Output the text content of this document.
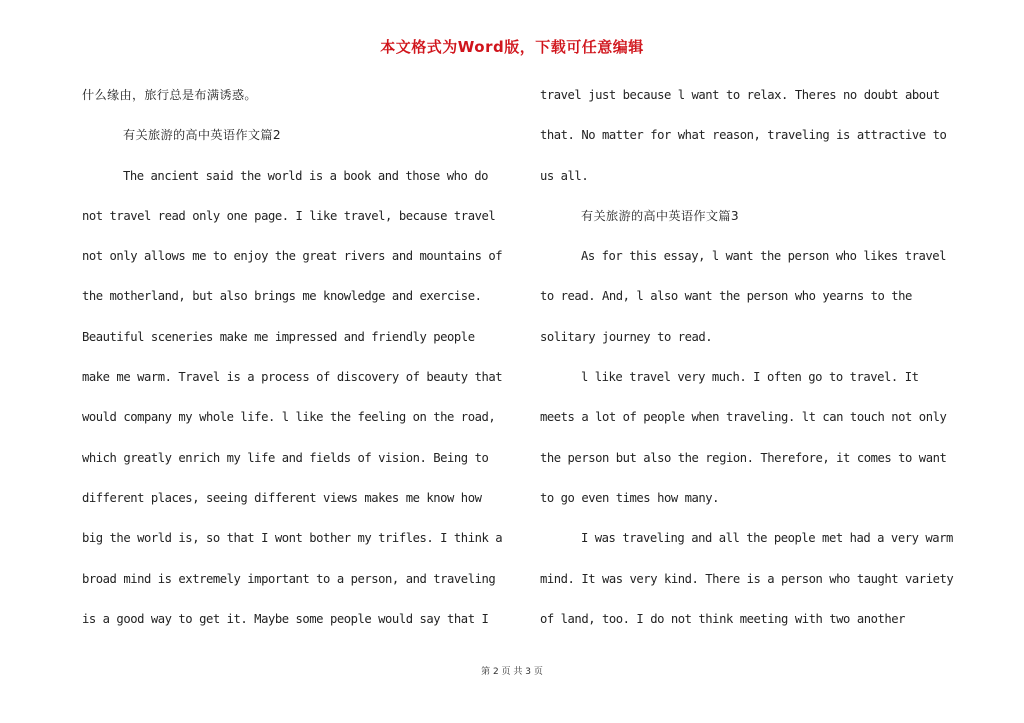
本文格式为Word版，下载可任意编辑
什么缘由，旅行总是布满诱惑。
有关旅游的高中英语作文篇2
The ancient said the world is a book and those who do
not travel read only one page. I like travel, because travel
not only allows me to enjoy the great rivers and mountains of
the motherland, but also brings me knowledge and exercise.
Beautiful sceneries make me impressed and friendly people
make me warm. Travel is a process of discovery of beauty that
would company my whole life. l like the feeling on the road,
which greatly enrich my life and fields of vision. Being to
different places, seeing different views makes me know how
big the world is, so that I wont bother my trifles. I think a
broad mind is extremely important to a person, and traveling
is a good way to get it. Maybe some people would say that I
travel just because l want to relax. Theres no doubt about
that. No matter for what reason, traveling is attractive to
us all.
有关旅游的高中英语作文篇3
As for this essay, l want the person who likes travel
to read. And, l also want the person who yearns to the
solitary journey to read.
l like travel very much. I often go to travel. It
meets a lot of people when traveling. lt can touch not only
the person but also the region. Therefore, it comes to want
to go even times how many.
I was traveling and all the people met had a very warm
mind. It was very kind. There is a person who taught variety
of land, too. I do not think meeting with two another
第 2 页 共 3 页
